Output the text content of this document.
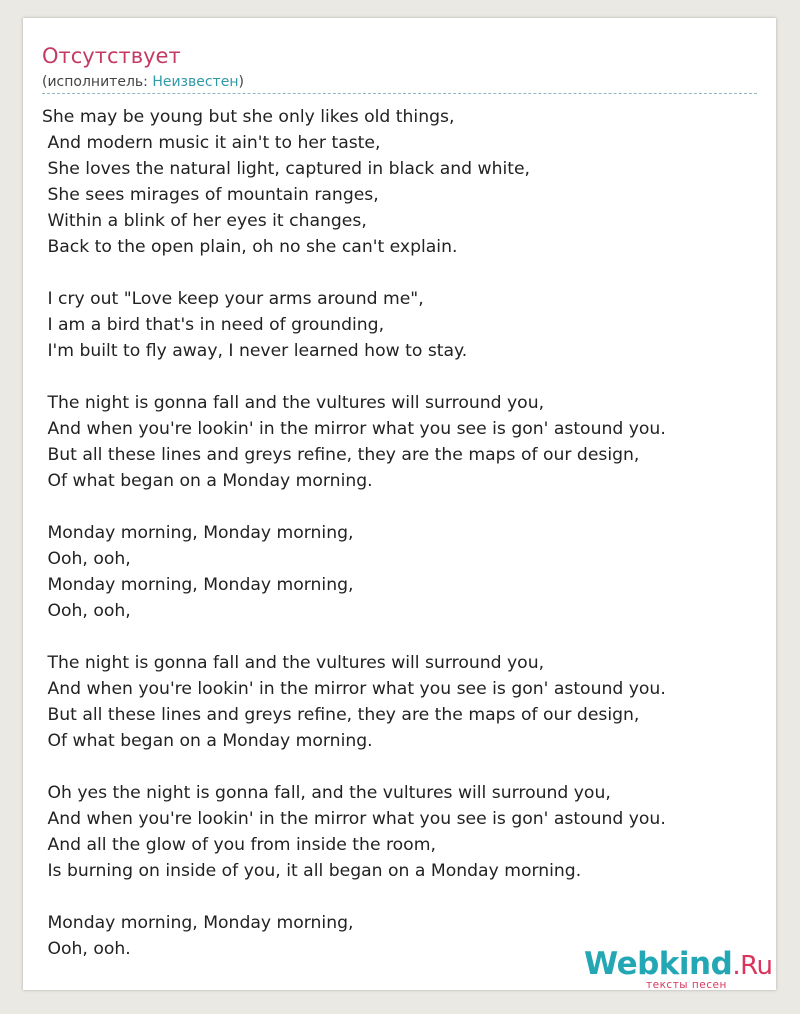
Отсутствует
(исполнитель: Неизвестен)
She may be young but she only likes old things,
And modern music it ain't to her taste,
She loves the natural light, captured in black and white,
She sees mirages of mountain ranges,
Within a blink of her eyes it changes,
Back to the open plain, oh no she can't explain.
I cry out "Love keep your arms around me",
I am a bird that's in need of grounding,
I'm built to fly away, I never learned how to stay.
The night is gonna fall and the vultures will surround you,
And when you're lookin' in the mirror what you see is gon' astound you.
But all these lines and greys refine, they are the maps of our design,
Of what began on a Monday morning.
Monday morning, Monday morning,
Ooh, ooh,
Monday morning, Monday morning,
Ooh, ooh,
The night is gonna fall and the vultures will surround you,
And when you're lookin' in the mirror what you see is gon' astound you.
But all these lines and greys refine, they are the maps of our design,
Of what began on a Monday morning.
Oh yes the night is gonna fall, and the vultures will surround you,
And when you're lookin' in the mirror what you see is gon' astound you.
And all the glow of you from inside the room,
Is burning on inside of you, it all began on a Monday morning.
Monday morning, Monday morning,
Ooh, ooh.	Webkind.Ru
тексты песен
